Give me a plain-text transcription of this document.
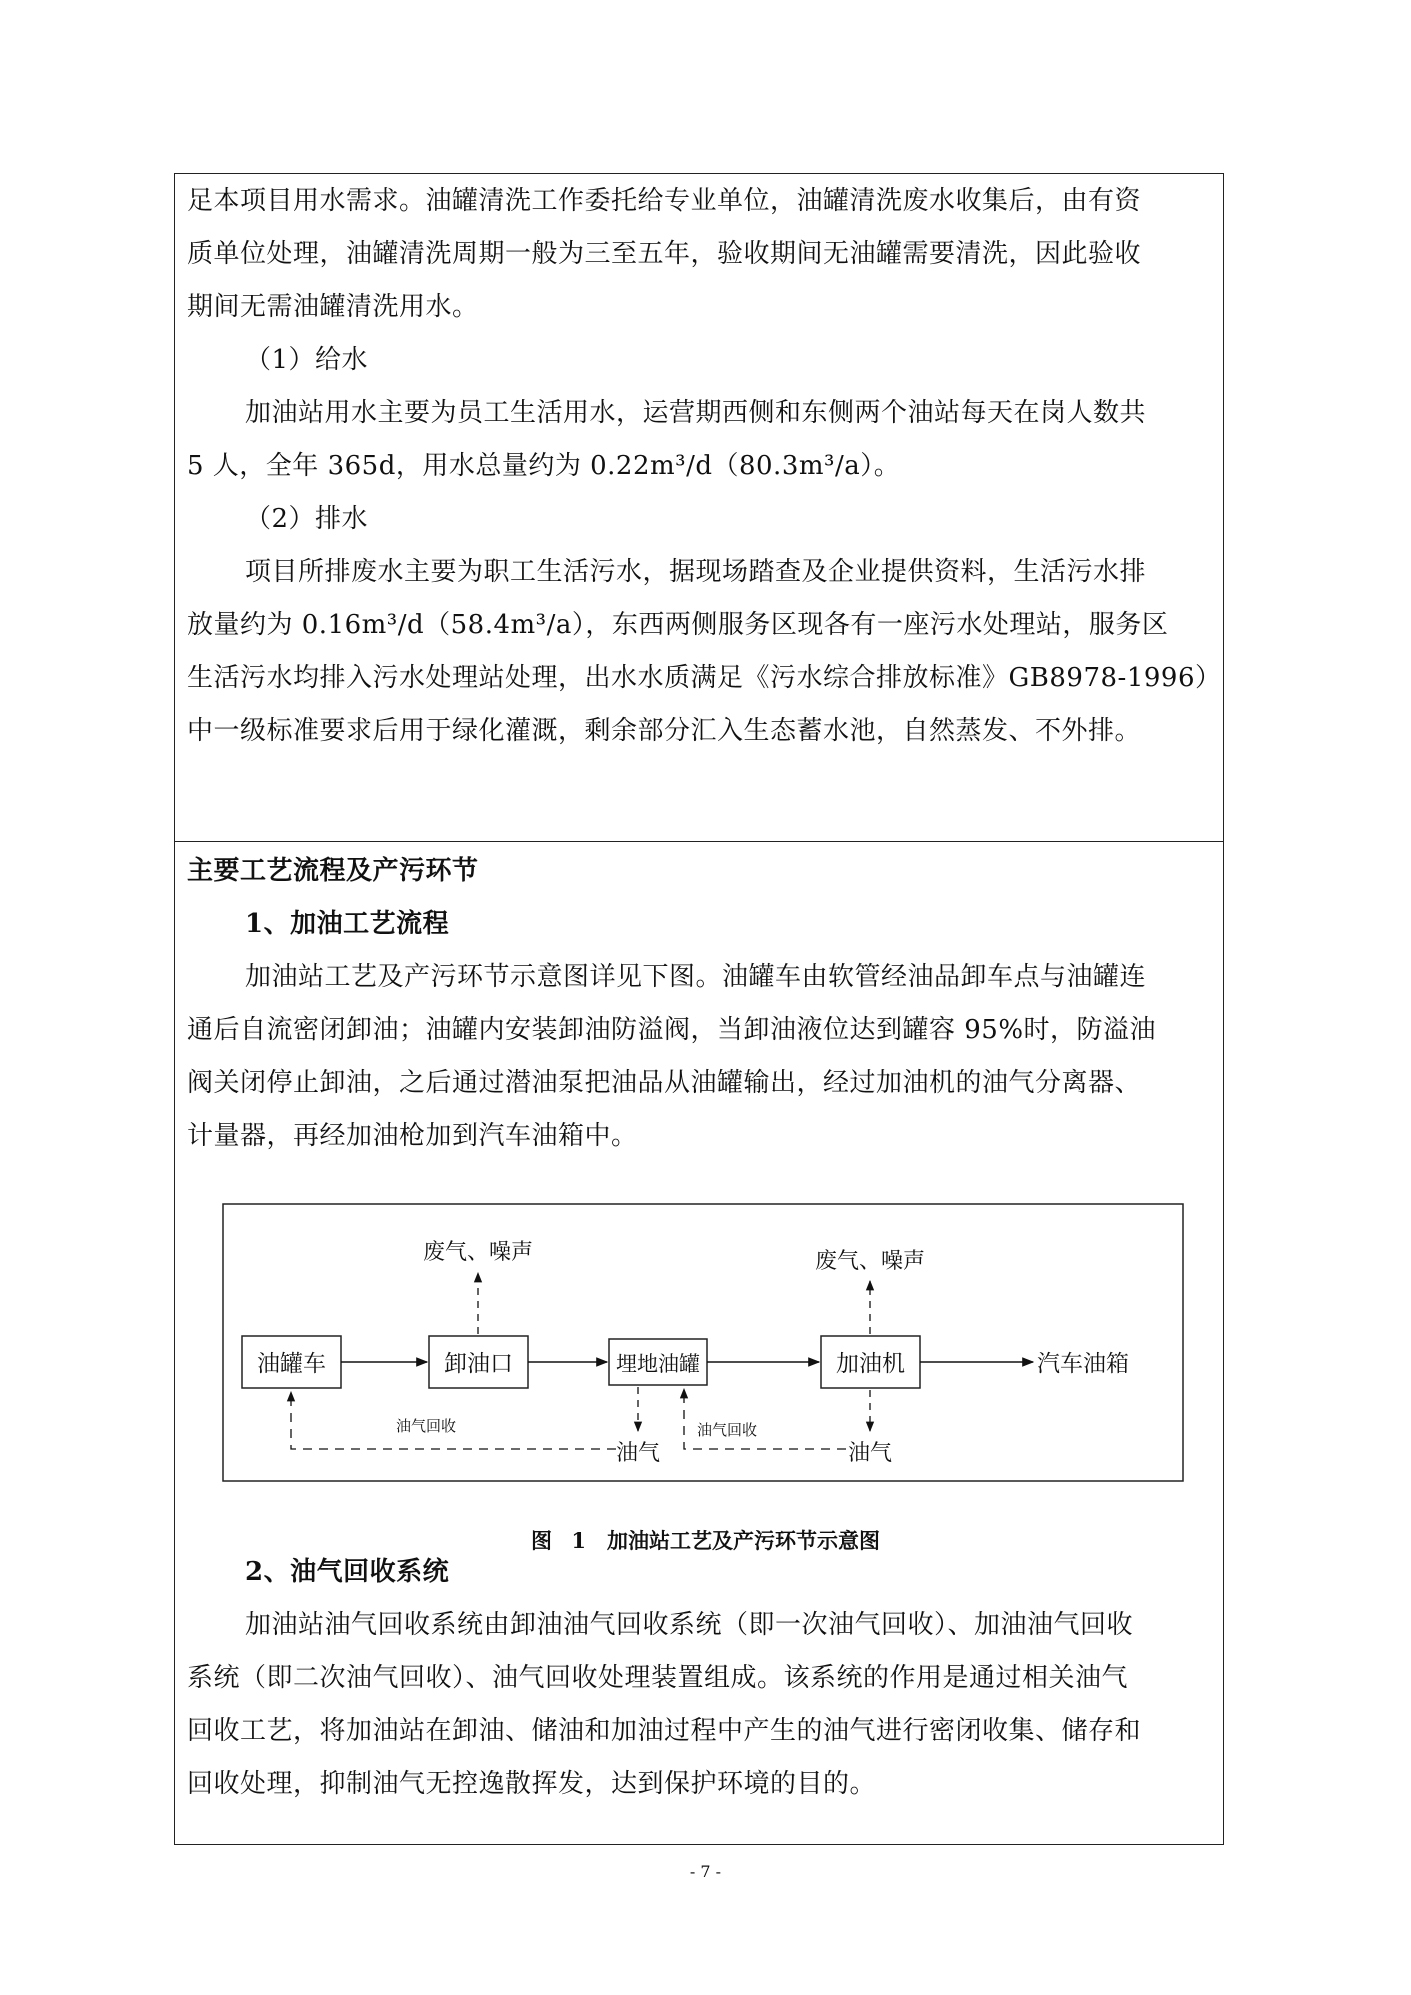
足本项目用水需求。油罐清洗工作委托给专业单位，油罐清洗废水收集后，由有资
质单位处理，油罐清洗周期一般为三至五年，验收期间无油罐需要清洗，因此验收
期间无需油罐清洗用水。
（1）给水
加油站用水主要为员工生活用水，运营期西侧和东侧两个油站每天在岗人数共
5 人，全年 365d，用水总量约为 0.22m³/d（80.3m³/a）。
（2）排水
项目所排废水主要为职工生活污水，据现场踏查及企业提供资料，生活污水排
放量约为 0.16m³/d（58.4m³/a），东西两侧服务区现各有一座污水处理站，服务区
生活污水均排入污水处理站处理，出水水质满足《污水综合排放标准》GB8978-1996）
中一级标准要求后用于绿化灌溉，剩余部分汇入生态蓄水池，自然蒸发、不外排。
主要工艺流程及产污环节
1、加油工艺流程
加油站工艺及产污环节示意图详见下图。油罐车由软管经油品卸车点与油罐连
通后自流密闭卸油；油罐内安装卸油防溢阀，当卸油液位达到罐容 95%时，防溢油
阀关闭停止卸油，之后通过潜油泵把油品从油罐输出，经过加油机的油气分离器、
计量器，再经加油枪加到汽车油箱中。
2、油气回收系统
加油站油气回收系统由卸油油气回收系统（即一次油气回收）、加油油气回收
系统（即二次油气回收）、油气回收处理装置组成。该系统的作用是通过相关油气
回收工艺，将加油站在卸油、储油和加油过程中产生的油气进行密闭收集、储存和
回收处理，抑制油气无控逸散挥发，达到保护环境的目的。
油罐车	卸油口	埋地油罐	加油机	汽车油箱
废气、噪声	废气、噪声
油气	油气
油气回收	油气回收
图 1　加油站工艺及产污环节示意图
- 7 -
